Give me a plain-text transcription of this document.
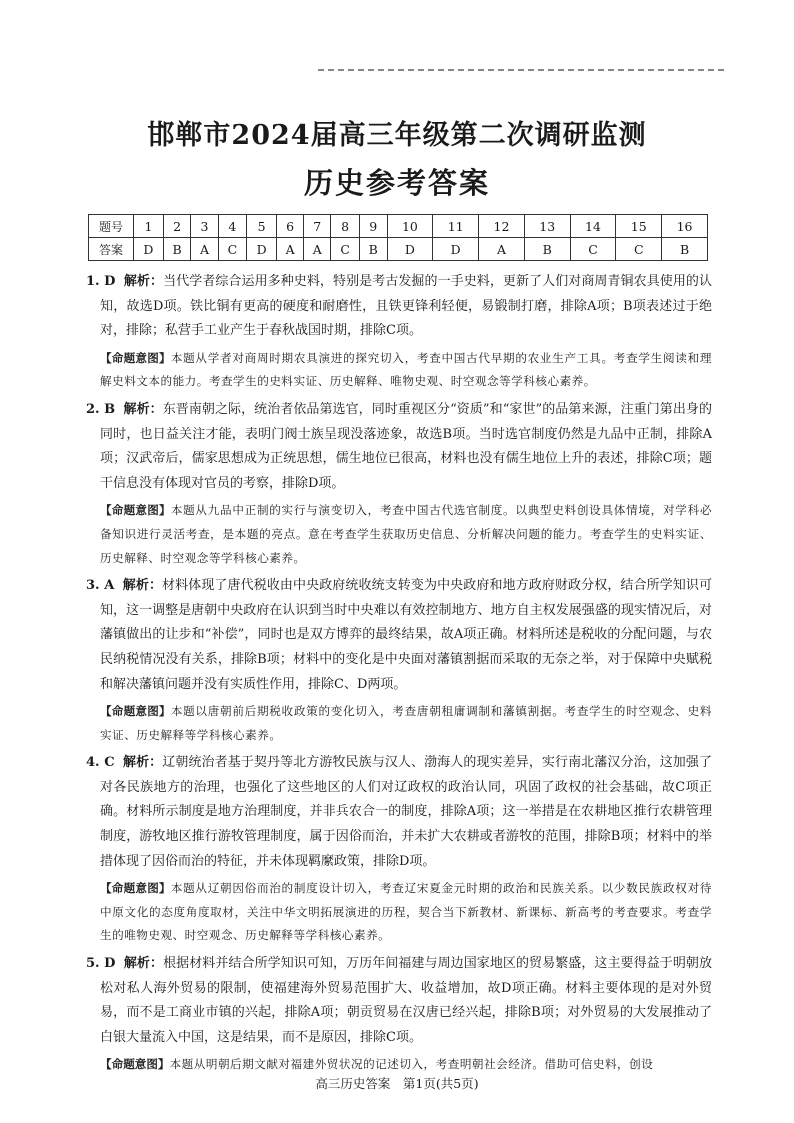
邯郸市2024届高三年级第二次调研监测
历史参考答案
题号	1	2	3	4	5	6	7	8	9	10	11	12	13	14	15	16
答案	D	B	A	C	D	A	A	C	B	D	D	A	B	C	C	B

1. D 解析：当代学者综合运用多种史料，特别是考古发掘的一手史料，更新了人们对商周青铜农具使用的认知，故选D项。铁比铜有更高的硬度和耐磨性，且铁更锋利轻便，易锻制打磨，排除A项；B项表述过于绝对，排除；私营手工业产生于春秋战国时期，排除C项。

【命题意图】本题从学者对商周时期农具演进的探究切入，考查中国古代早期的农业生产工具。考查学生阅读和理解史料文本的能力。考查学生的史料实证、历史解释、唯物史观、时空观念等学科核心素养。

2. B 解析：东晋南朝之际，统治者依品第选官，同时重视区分“资质”和“家世”的品第来源，注重门第出身的同时，也日益关注才能，表明门阀士族呈现没落迹象，故选B项。当时选官制度仍然是九品中正制，排除A项；汉武帝后，儒家思想成为正统思想，儒生地位已很高，材料也没有儒生地位上升的表述，排除C项；题干信息没有体现对官员的考察，排除D项。

【命题意图】本题从九品中正制的实行与演变切入，考查中国古代选官制度。以典型史料创设具体情境，对学科必备知识进行灵活考查，是本题的亮点。意在考查学生获取历史信息、分析解决问题的能力。考查学生的史料实证、历史解释、时空观念等学科核心素养。

3. A 解析：材料体现了唐代税收由中央政府统收统支转变为中央政府和地方政府财政分权，结合所学知识可知，这一调整是唐朝中央政府在认识到当时中央难以有效控制地方、地方自主权发展强盛的现实情况后，对藩镇做出的让步和“补偿”，同时也是双方博弈的最终结果，故A项正确。材料所述是税收的分配问题，与农民纳税情况没有关系，排除B项；材料中的变化是中央面对藩镇割据而采取的无奈之举，对于保障中央赋税和解决藩镇问题并没有实质性作用，排除C、D两项。

【命题意图】本题以唐朝前后期税收政策的变化切入，考查唐朝租庸调制和藩镇割据。考查学生的时空观念、史料实证、历史解释等学科核心素养。

4. C 解析：辽朝统治者基于契丹等北方游牧民族与汉人、渤海人的现实差异，实行南北藩汉分治，这加强了对各民族地方的治理，也强化了这些地区的人们对辽政权的政治认同，巩固了政权的社会基础，故C项正确。材料所示制度是地方治理制度，并非兵农合一的制度，排除A项；这一举措是在农耕地区推行农耕管理制度，游牧地区推行游牧管理制度，属于因俗而治，并未扩大农耕或者游牧的范围，排除B项；材料中的举措体现了因俗而治的特征，并未体现羁縻政策，排除D项。

【命题意图】本题从辽朝因俗而治的制度设计切入，考查辽宋夏金元时期的政治和民族关系。以少数民族政权对待中原文化的态度角度取材，关注中华文明拓展演进的历程，契合当下新教材、新课标、新高考的考查要求。考查学生的唯物史观、时空观念、历史解释等学科核心素养。

5. D 解析：根据材料并结合所学知识可知，万历年间福建与周边国家地区的贸易繁盛，这主要得益于明朝放松对私人海外贸易的限制，使福建海外贸易范围扩大、收益增加，故D项正确。材料主要体现的是对外贸易，而不是工商业市镇的兴起，排除A项；朝贡贸易在汉唐已经兴起，排除B项；对外贸易的大发展推动了白银大量流入中国，这是结果，而不是原因，排除C项。

【命题意图】本题从明朝后期文献对福建外贸状况的记述切入，考查明朝社会经济。借助可信史料，创设
高三历史答案　第1页(共5页)
